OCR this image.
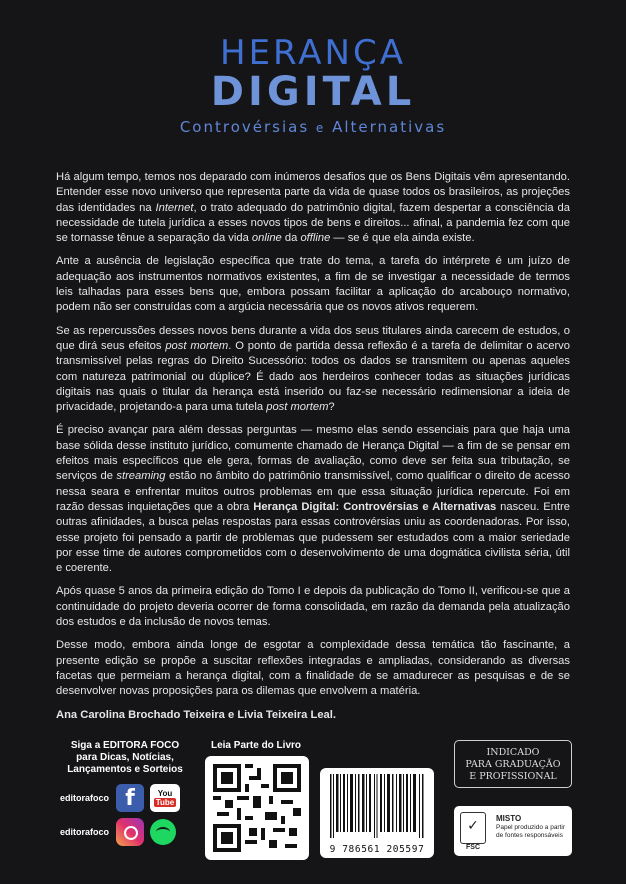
HERANÇA
DIGITAL
Controvérsias e Alternativas

Há algum tempo, temos nos deparado com inúmeros desafios que os Bens Digitais vêm apresentando. Entender esse novo universo que representa parte da vida de quase todos os brasileiros, as projeções das identidades na Internet, o trato adequado do patrimônio digital, fazem despertar a consciência da necessidade de tutela jurídica a esses novos tipos de bens e direitos... afinal, a pandemia fez com que se tornasse tênue a separação da vida online da offline — se é que ela ainda existe.

Ante a ausência de legislação específica que trate do tema, a tarefa do intérprete é um juízo de adequação aos instrumentos normativos existentes, a fim de se investigar a necessidade de termos leis talhadas para esses bens que, embora possam facilitar a aplicação do arcabouço normativo, podem não ser construídas com a argúcia necessária que os novos ativos requerem.

Se as repercussões desses novos bens durante a vida dos seus titulares ainda carecem de estudos, o que dirá seus efeitos post mortem. O ponto de partida dessa reflexão é a tarefa de delimitar o acervo transmissível pelas regras do Direito Sucessório: todos os dados se transmitem ou apenas aqueles com natureza patrimonial ou dúplice? É dado aos herdeiros conhecer todas as situações jurídicas digitais nas quais o titular da herança está inserido ou faz-se necessário redimensionar a ideia de privacidade, projetando-a para uma tutela post mortem?

É preciso avançar para além dessas perguntas — mesmo elas sendo essenciais para que haja uma base sólida desse instituto jurídico, comumente chamado de Herança Digital — a fim de se pensar em efeitos mais específicos que ele gera, formas de avaliação, como deve ser feita sua tributação, se serviços de streaming estão no âmbito do patrimônio transmissível, como qualificar o direito de acesso nessa seara e enfrentar muitos outros problemas em que essa situação jurídica repercute. Foi em razão dessas inquietações que a obra Herança Digital: Controvérsias e Alternativas nasceu. Entre outras afinidades, a busca pelas respostas para essas controvérsias uniu as coordenadoras. Por isso, esse projeto foi pensado a partir de problemas que pudessem ser estudados com a maior seriedade por esse time de autores comprometidos com o desenvolvimento de uma dogmática civilista séria, útil e coerente.

Após quase 5 anos da primeira edição do Tomo I e depois da publicação do Tomo II, verificou-se que a continuidade do projeto deveria ocorrer de forma consolidada, em razão da demanda pela atualização dos estudos e da inclusão de novos temas.

Desse modo, embora ainda longe de esgotar a complexidade dessa temática tão fascinante, a presente edição se propõe a suscitar reflexões integradas e ampliadas, considerando as diversas facetas que permeiam a herança digital, com a finalidade de se amadurecer as pesquisas e de se desenvolver novas proposições para os dilemas que envolvem a matéria.

Ana Carolina Brochado Teixeira e Livia Teixeira Leal.

Siga a EDITORA FOCO
para Dicas, Notícias,
Lançamentos e Sorteios
editorafoco f	You
Tube
editorafoco
Leia Parte do Livro
9 786561 205597
INDICADO
PARA GRADUAÇÃO
E PROFISSIONAL
✓
FSC
MISTO
Papel produzido a partir de fontes responsáveis
